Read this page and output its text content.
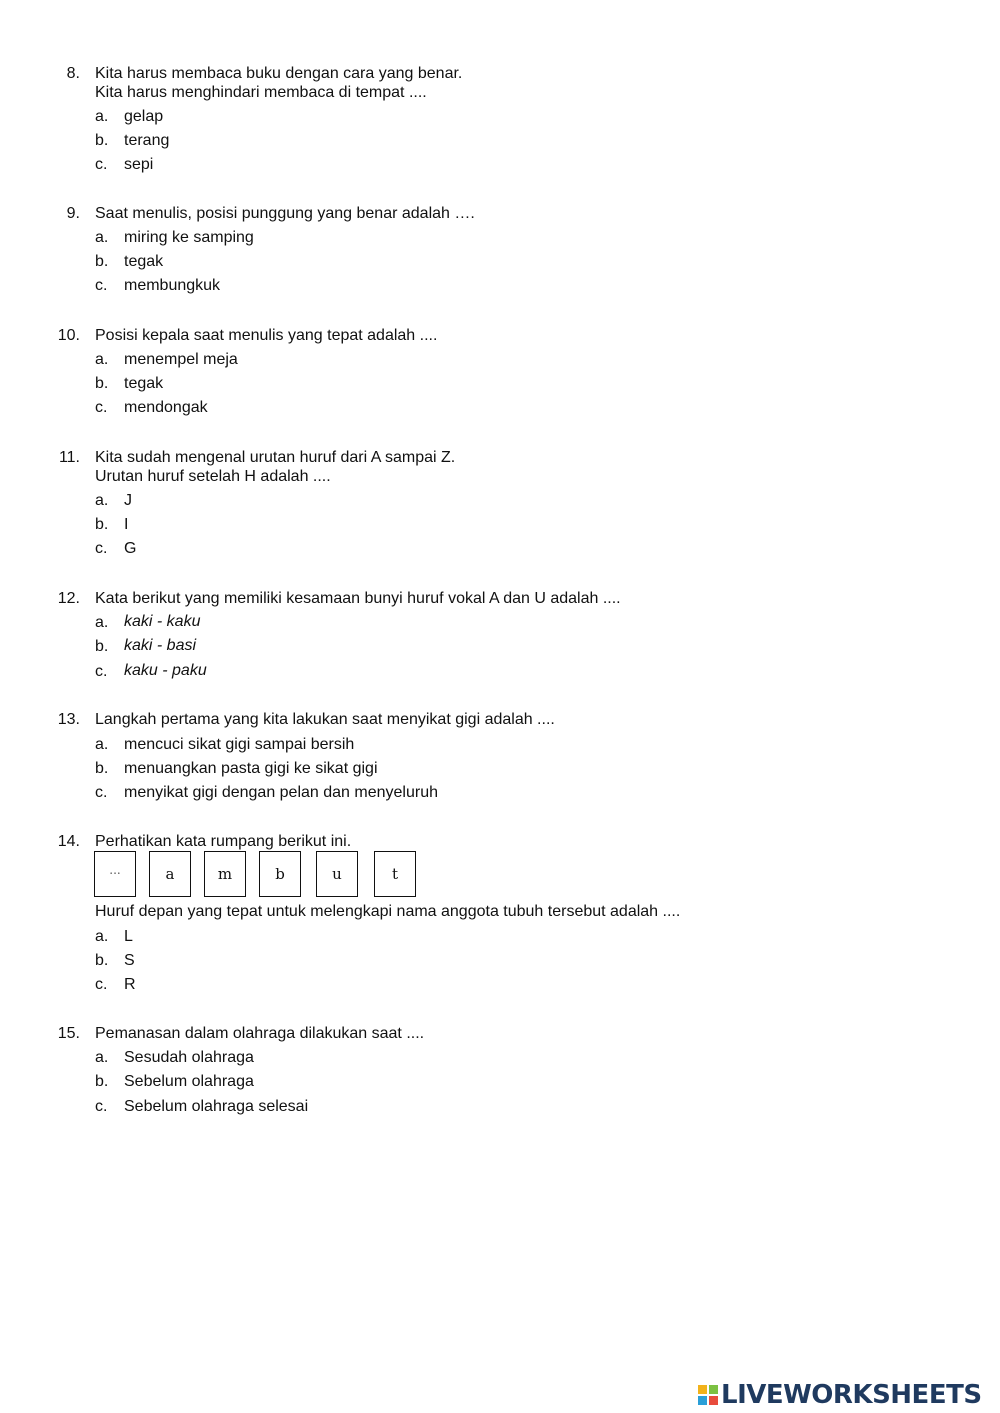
8. Kita harus membaca buku dengan cara yang benar.
Kita harus menghindari membaca di tempat ....
a. gelap
b. terang
c.	sepi
9. Saat menulis, posisi punggung yang benar adalah ….
a. miring ke samping
b. tegak
c.	membungkuk
10. Posisi kepala saat menulis yang tepat adalah ....
a. menempel meja
b. tegak
c.	mendongak
11. Kita sudah mengenal urutan huruf dari A sampai Z.
Urutan huruf setelah H adalah ....
a. J
b. I
c.	G
12. Kata berikut yang memiliki kesamaan bunyi huruf vokal A dan U adalah ....
a. kaki - kaku
b. kaki - basi
c.	kaku - paku
13. Langkah pertama yang kita lakukan saat menyikat gigi adalah ....
a. mencuci sikat gigi sampai bersih
b. menuangkan pasta gigi ke sikat gigi
c.	menyikat gigi dengan pelan dan menyeluruh
14. Perhatikan kata rumpang berikut ini.
...	a	m	b	u	t
Huruf depan yang tepat untuk melengkapi nama anggota tubuh tersebut adalah ....
a. L
b. S
c.	R
15. Pemanasan dalam olahraga dilakukan saat ....
a. Sesudah olahraga
b. Sebelum olahraga
c.	Sebelum olahraga selesai
LIVEWORKSHEETS
